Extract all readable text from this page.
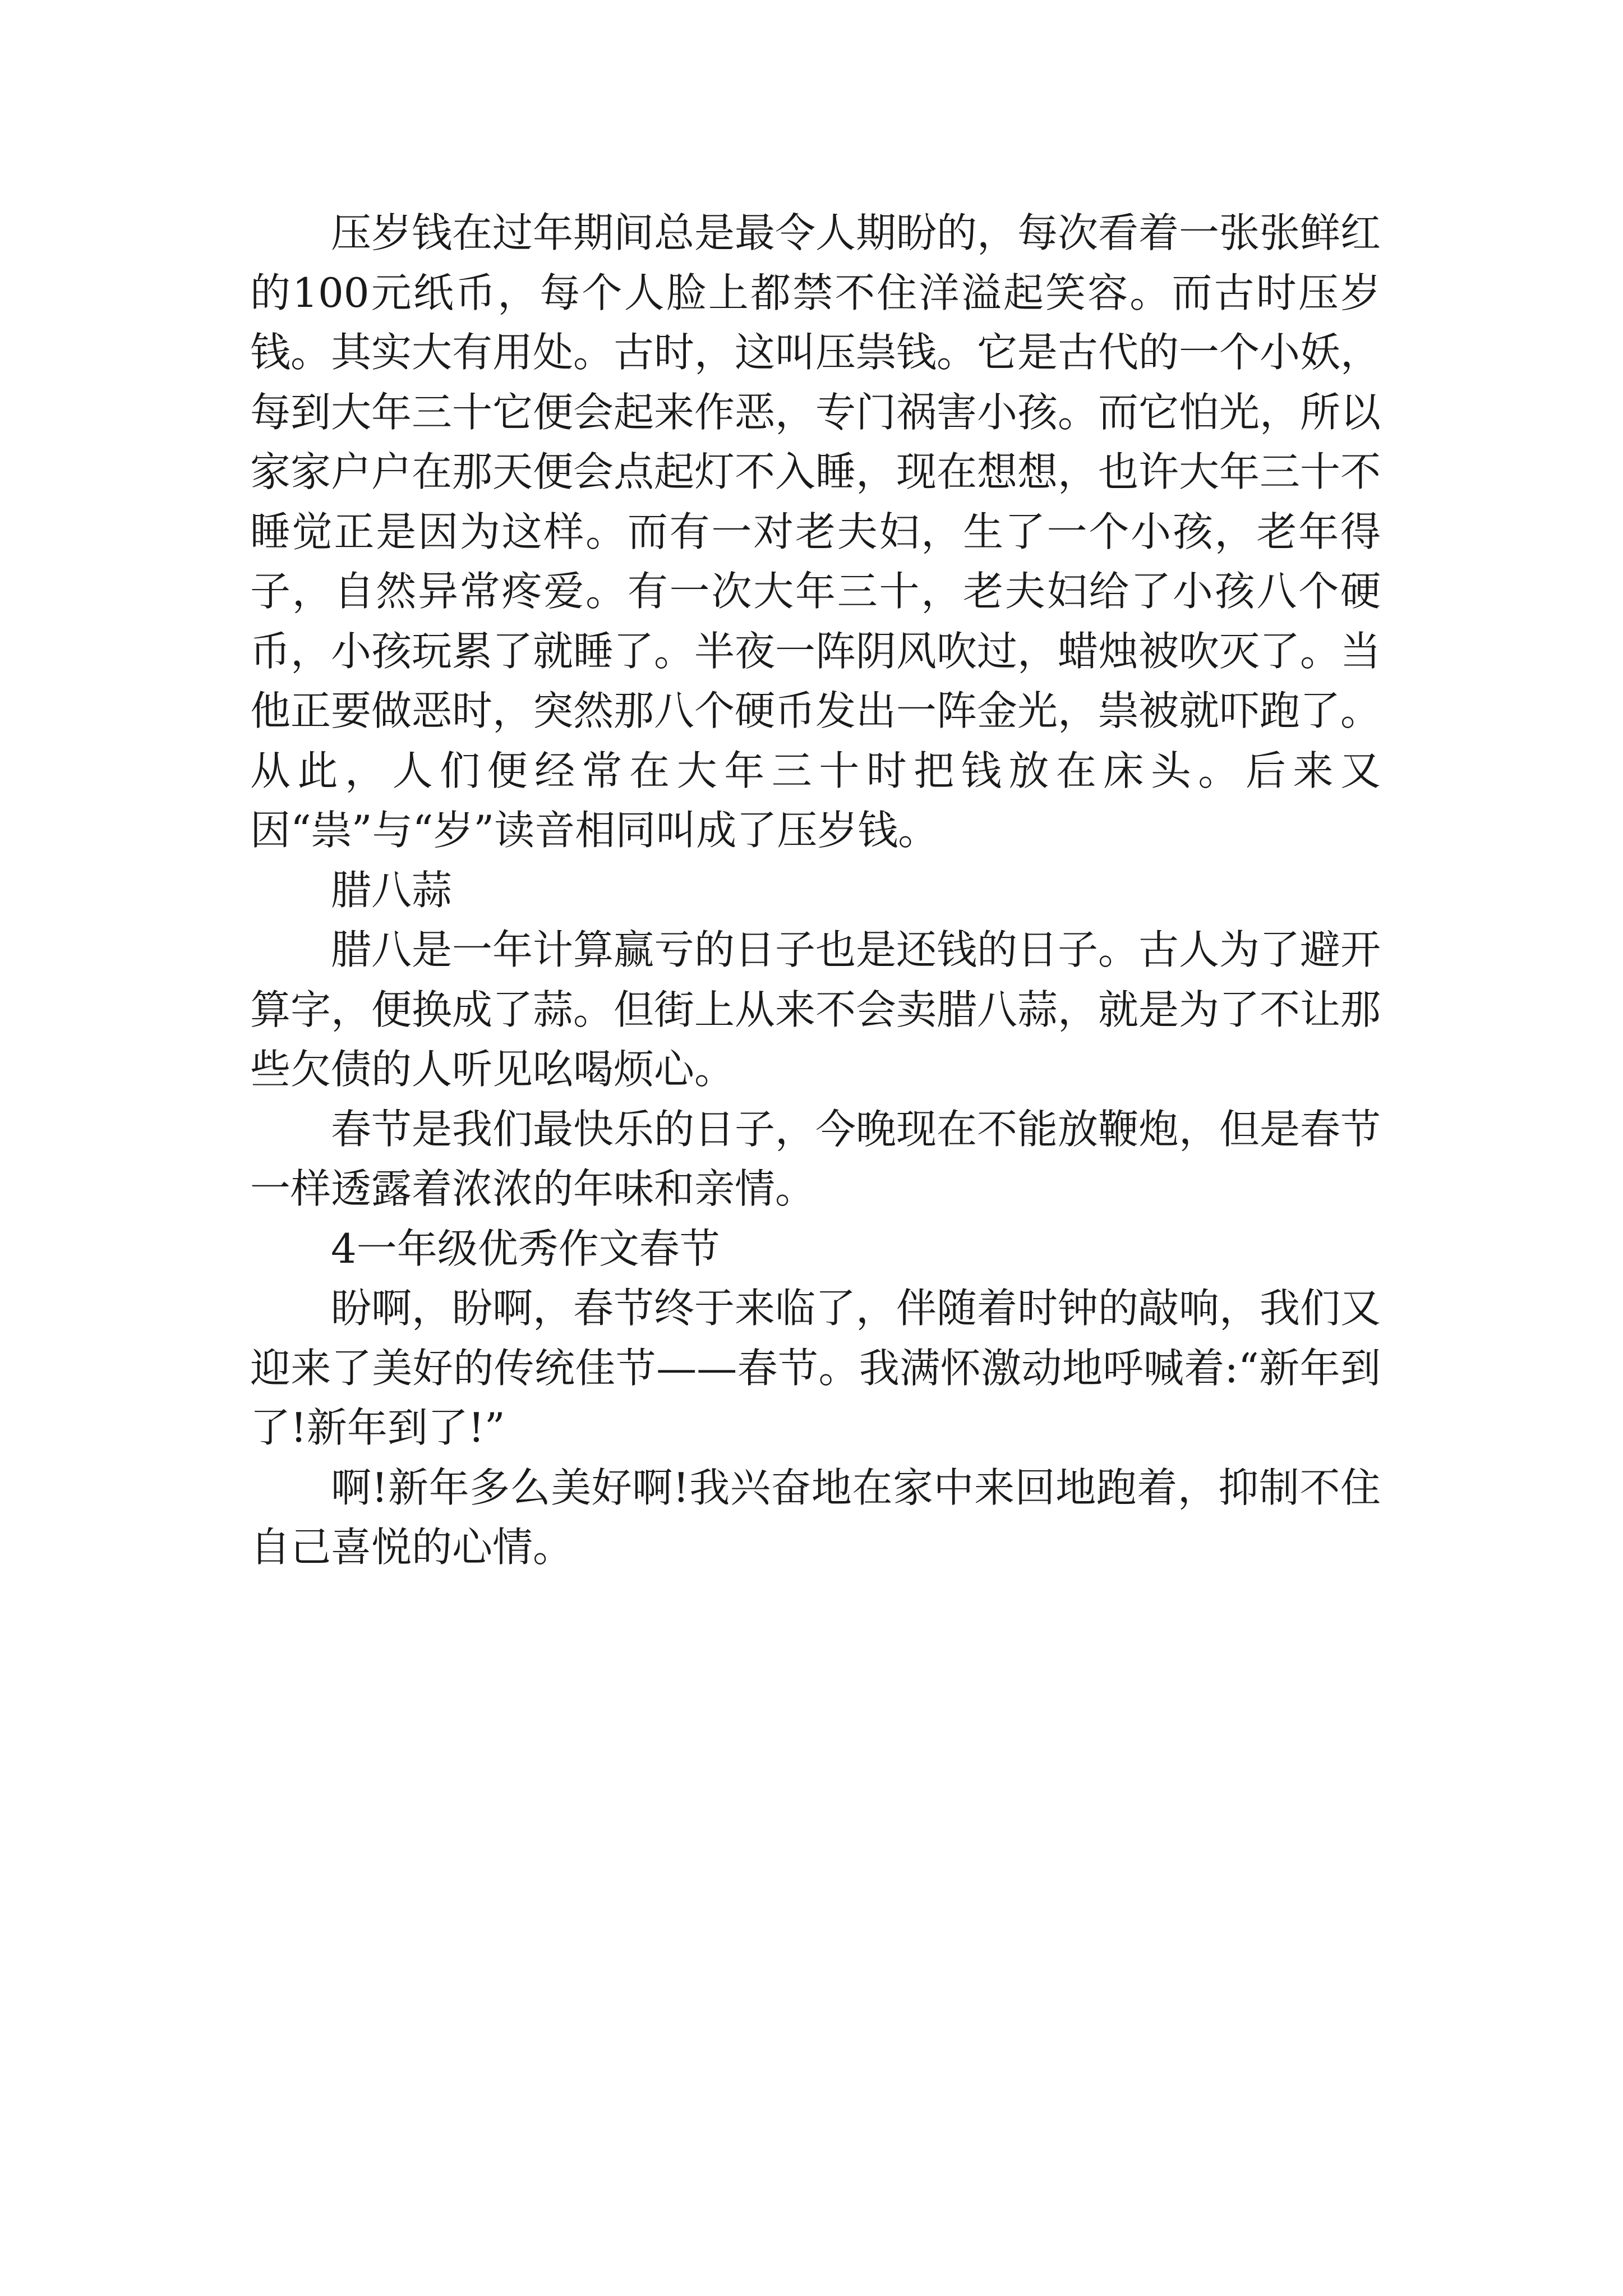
压岁钱在过年期间总是最令人期盼的，每次看着一张张鲜红的100元纸币，每个人脸上都禁不住洋溢起笑容。而古时压岁钱。其实大有用处。古时，这叫压祟钱。它是古代的一个小妖，每到大年三十它便会起来作恶，专门祸害小孩。而它怕光，所以家家户户在那天便会点起灯不入睡，现在想想，也许大年三十不睡觉正是因为这样。而有一对老夫妇，生了一个小孩，老年得子，自然异常疼爱。有一次大年三十，老夫妇给了小孩八个硬币，小孩玩累了就睡了。半夜一阵阴风吹过，蜡烛被吹灭了。当他正要做恶时，突然那八个硬币发出一阵金光，祟被就吓跑了。从此，人们便经常在大年三十时把钱放在床头。后来又因“祟”与“岁”读音相同叫成了压岁钱。

腊八蒜

腊八是一年计算赢亏的日子也是还钱的日子。古人为了避开算字，便换成了蒜。但街上从来不会卖腊八蒜，就是为了不让那些欠债的人听见吆喝烦心。

春节是我们最快乐的日子，今晚现在不能放鞭炮，但是春节一样透露着浓浓的年味和亲情。

4一年级优秀作文春节

盼啊，盼啊，春节终于来临了，伴随着时钟的敲响，我们又迎来了美好的传统佳节——春节。我满怀激动地呼喊着:“新年到了!新年到了!”

啊!新年多么美好啊!我兴奋地在家中来回地跑着，抑制不住自己喜悦的心情。
